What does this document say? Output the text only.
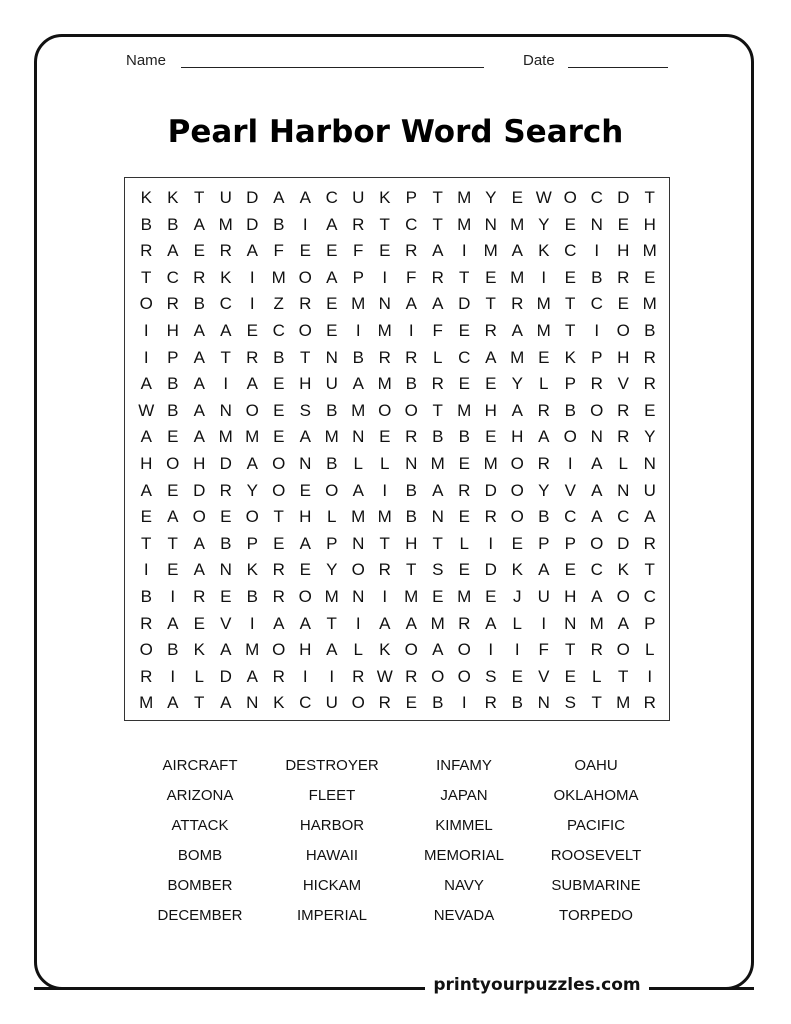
Name	Date
Pearl Harbor Word Search
K K T U D A A C U K P T M Y E W O C D T
B B A M D B	I	A R T C T M N M Y E N E H
R A E R A F E E F E R A	I	M A K C	I	H M
T C R K	I	M O A P	I	F R T E M	I	E B R E
O R B C	I	Z R E M N A A D T R M T C E M
I	H A A E C O E	I	M	I	F E R A M T	I	O B
I	P A T R B T N B R R L C A M E K P H R
A B A	I	A E H U A M B R E E Y L P R V R
W B A N O E S B M O O T M H A R B O R E
A E A M M E A M N E R B B E H A O N R Y
H O H D A O N B L	L N M E M O R	I	A L N
A E D R Y O E O A	I	B A R D O Y V A N U
E A O E O T H L M M B N E R O B C A C A
T T A B P E A P N T H T L	I	E P P O D R
I	E A N K R E Y O R T S E D K A E C K T
B	I	R E B R O M N	I	M E M E J U H A O C
R A E V	I	A A T	I	A A M R A L	I	N M A P
O B K A M O H A L K O A O	I	I	F T R O L
R	I	L D A R	I	I	R W R O O S E V E L T	I
M A T A N K C U O R E B	I	R B N S T M R
AIRCRAFT	DESTROYER	INFAMY	OAHU
ARIZONA	FLEET	JAPAN	OKLAHOMA
ATTACK	HARBOR	KIMMEL	PACIFIC
BOMB	HAWAII	MEMORIAL	ROOSEVELT
BOMBER	HICKAM	NAVY	SUBMARINE
DECEMBER	IMPERIAL	NEVADA	TORPEDO
printyourpuzzles.com
